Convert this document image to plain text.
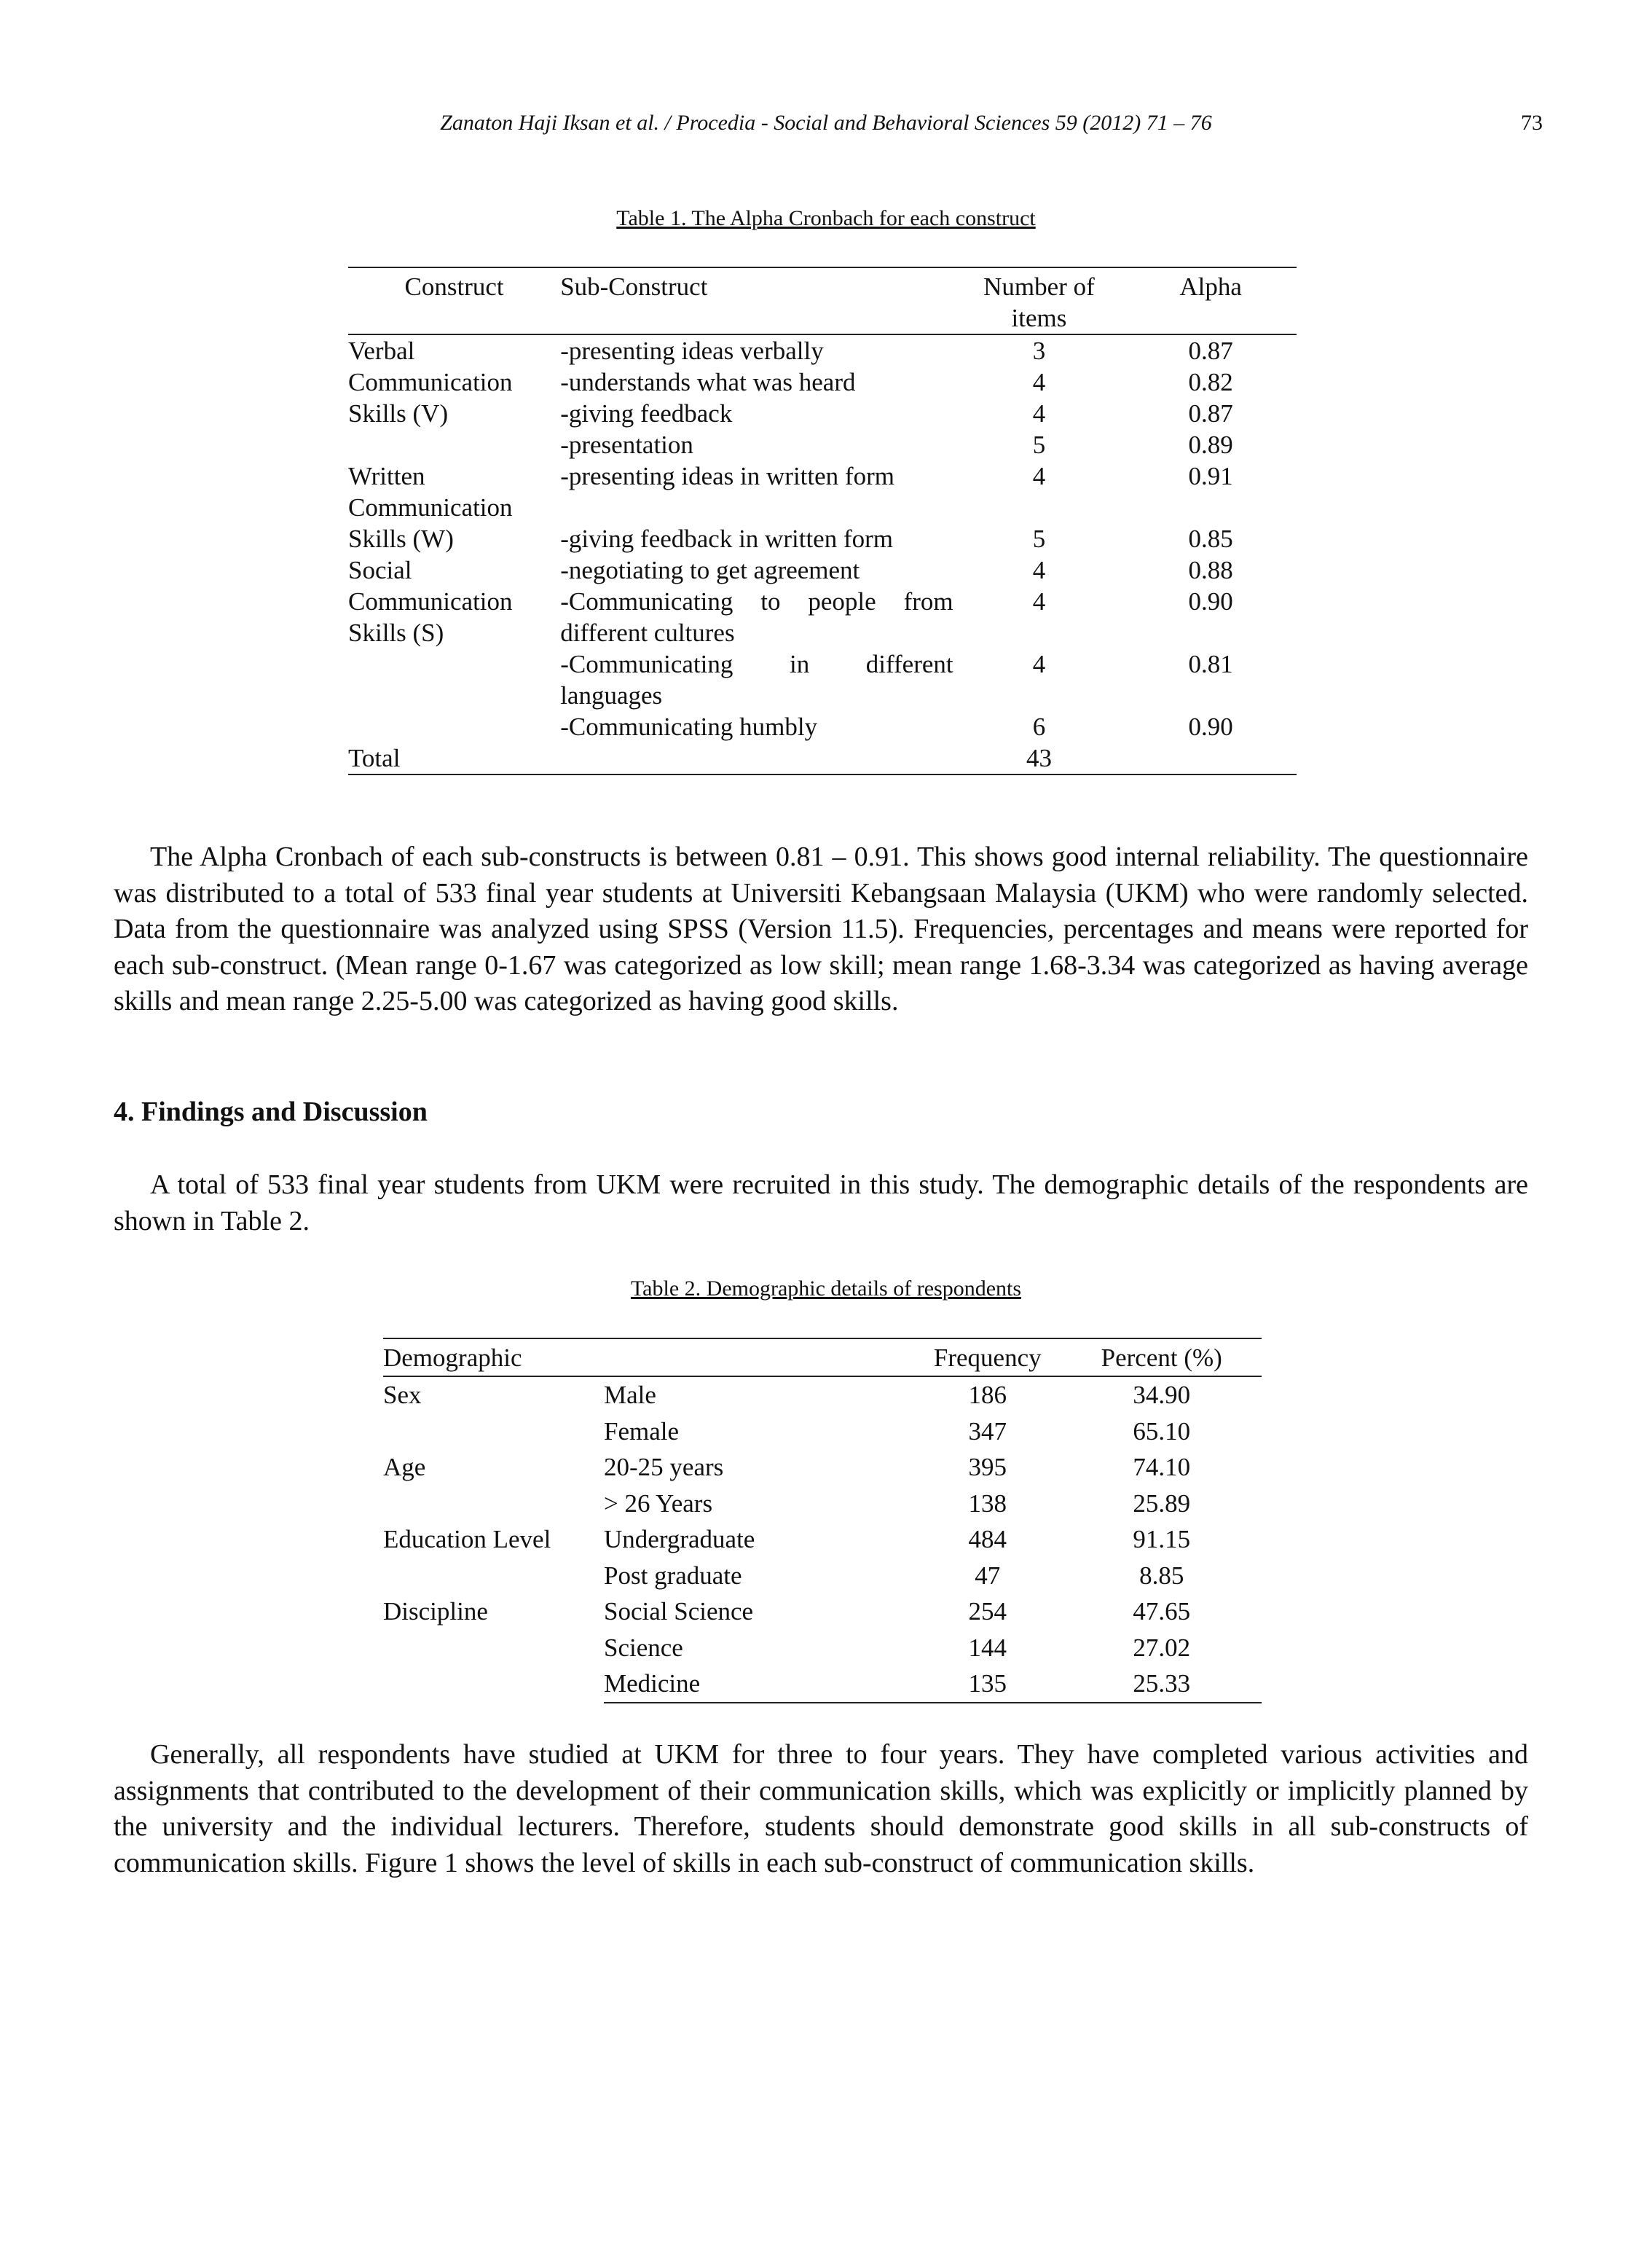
Zanaton Haji Iksan et al. / Procedia - Social and Behavioral Sciences 59 (2012) 71 – 76	73
Table 1. The Alpha Cronbach for each construct
Construct	Sub-Construct	Number of items	Alpha
Verbal	-presenting ideas verbally	3	0.87
Communication	-understands what was heard	4	0.82
Skills (V)	-giving feedback	4	0.87
	-presentation	5	0.89
Written Communication	-presenting ideas in written form	4	0.91
Skills (W)	-giving feedback in written form	5	0.85
Social	-negotiating to get agreement	4	0.88
Communication Skills (S)	-Communicating to people from different cultures	4	0.90
	-Communicating in different languages	4	0.81
	-Communicating humbly	6	0.90
Total		43	
The Alpha Cronbach of each sub-constructs is between 0.81 – 0.91. This shows good internal reliability. The questionnaire was distributed to a total of 533 final year students at Universiti Kebangsaan Malaysia (UKM) who were randomly selected. Data from the questionnaire was analyzed using SPSS (Version 11.5). Frequencies, percentages and means were reported for each sub-construct. (Mean range 0-1.67 was categorized as low skill; mean range 1.68-3.34 was categorized as having average skills and mean range 2.25-5.00 was categorized as having good skills.
4. Findings and Discussion
A total of 533 final year students from UKM were recruited in this study. The demographic details of the respondents are shown in Table 2.
Table 2. Demographic details of respondents
Demographic		Frequency	Percent (%)
Sex	Male	186	34.90
	Female	347	65.10
Age	20-25 years	395	74.10
	> 26 Years	138	25.89
Education Level	Undergraduate	484	91.15
	Post graduate	47	8.85
Discipline	Social Science	254	47.65
	Science	144	27.02
	Medicine	135	25.33
Generally, all respondents have studied at UKM for three to four years. They have completed various activities and assignments that contributed to the development of their communication skills, which was explicitly or implicitly planned by the university and the individual lecturers. Therefore, students should demonstrate good skills in all sub-constructs of communication skills. Figure 1 shows the level of skills in each sub-construct of communication skills.
